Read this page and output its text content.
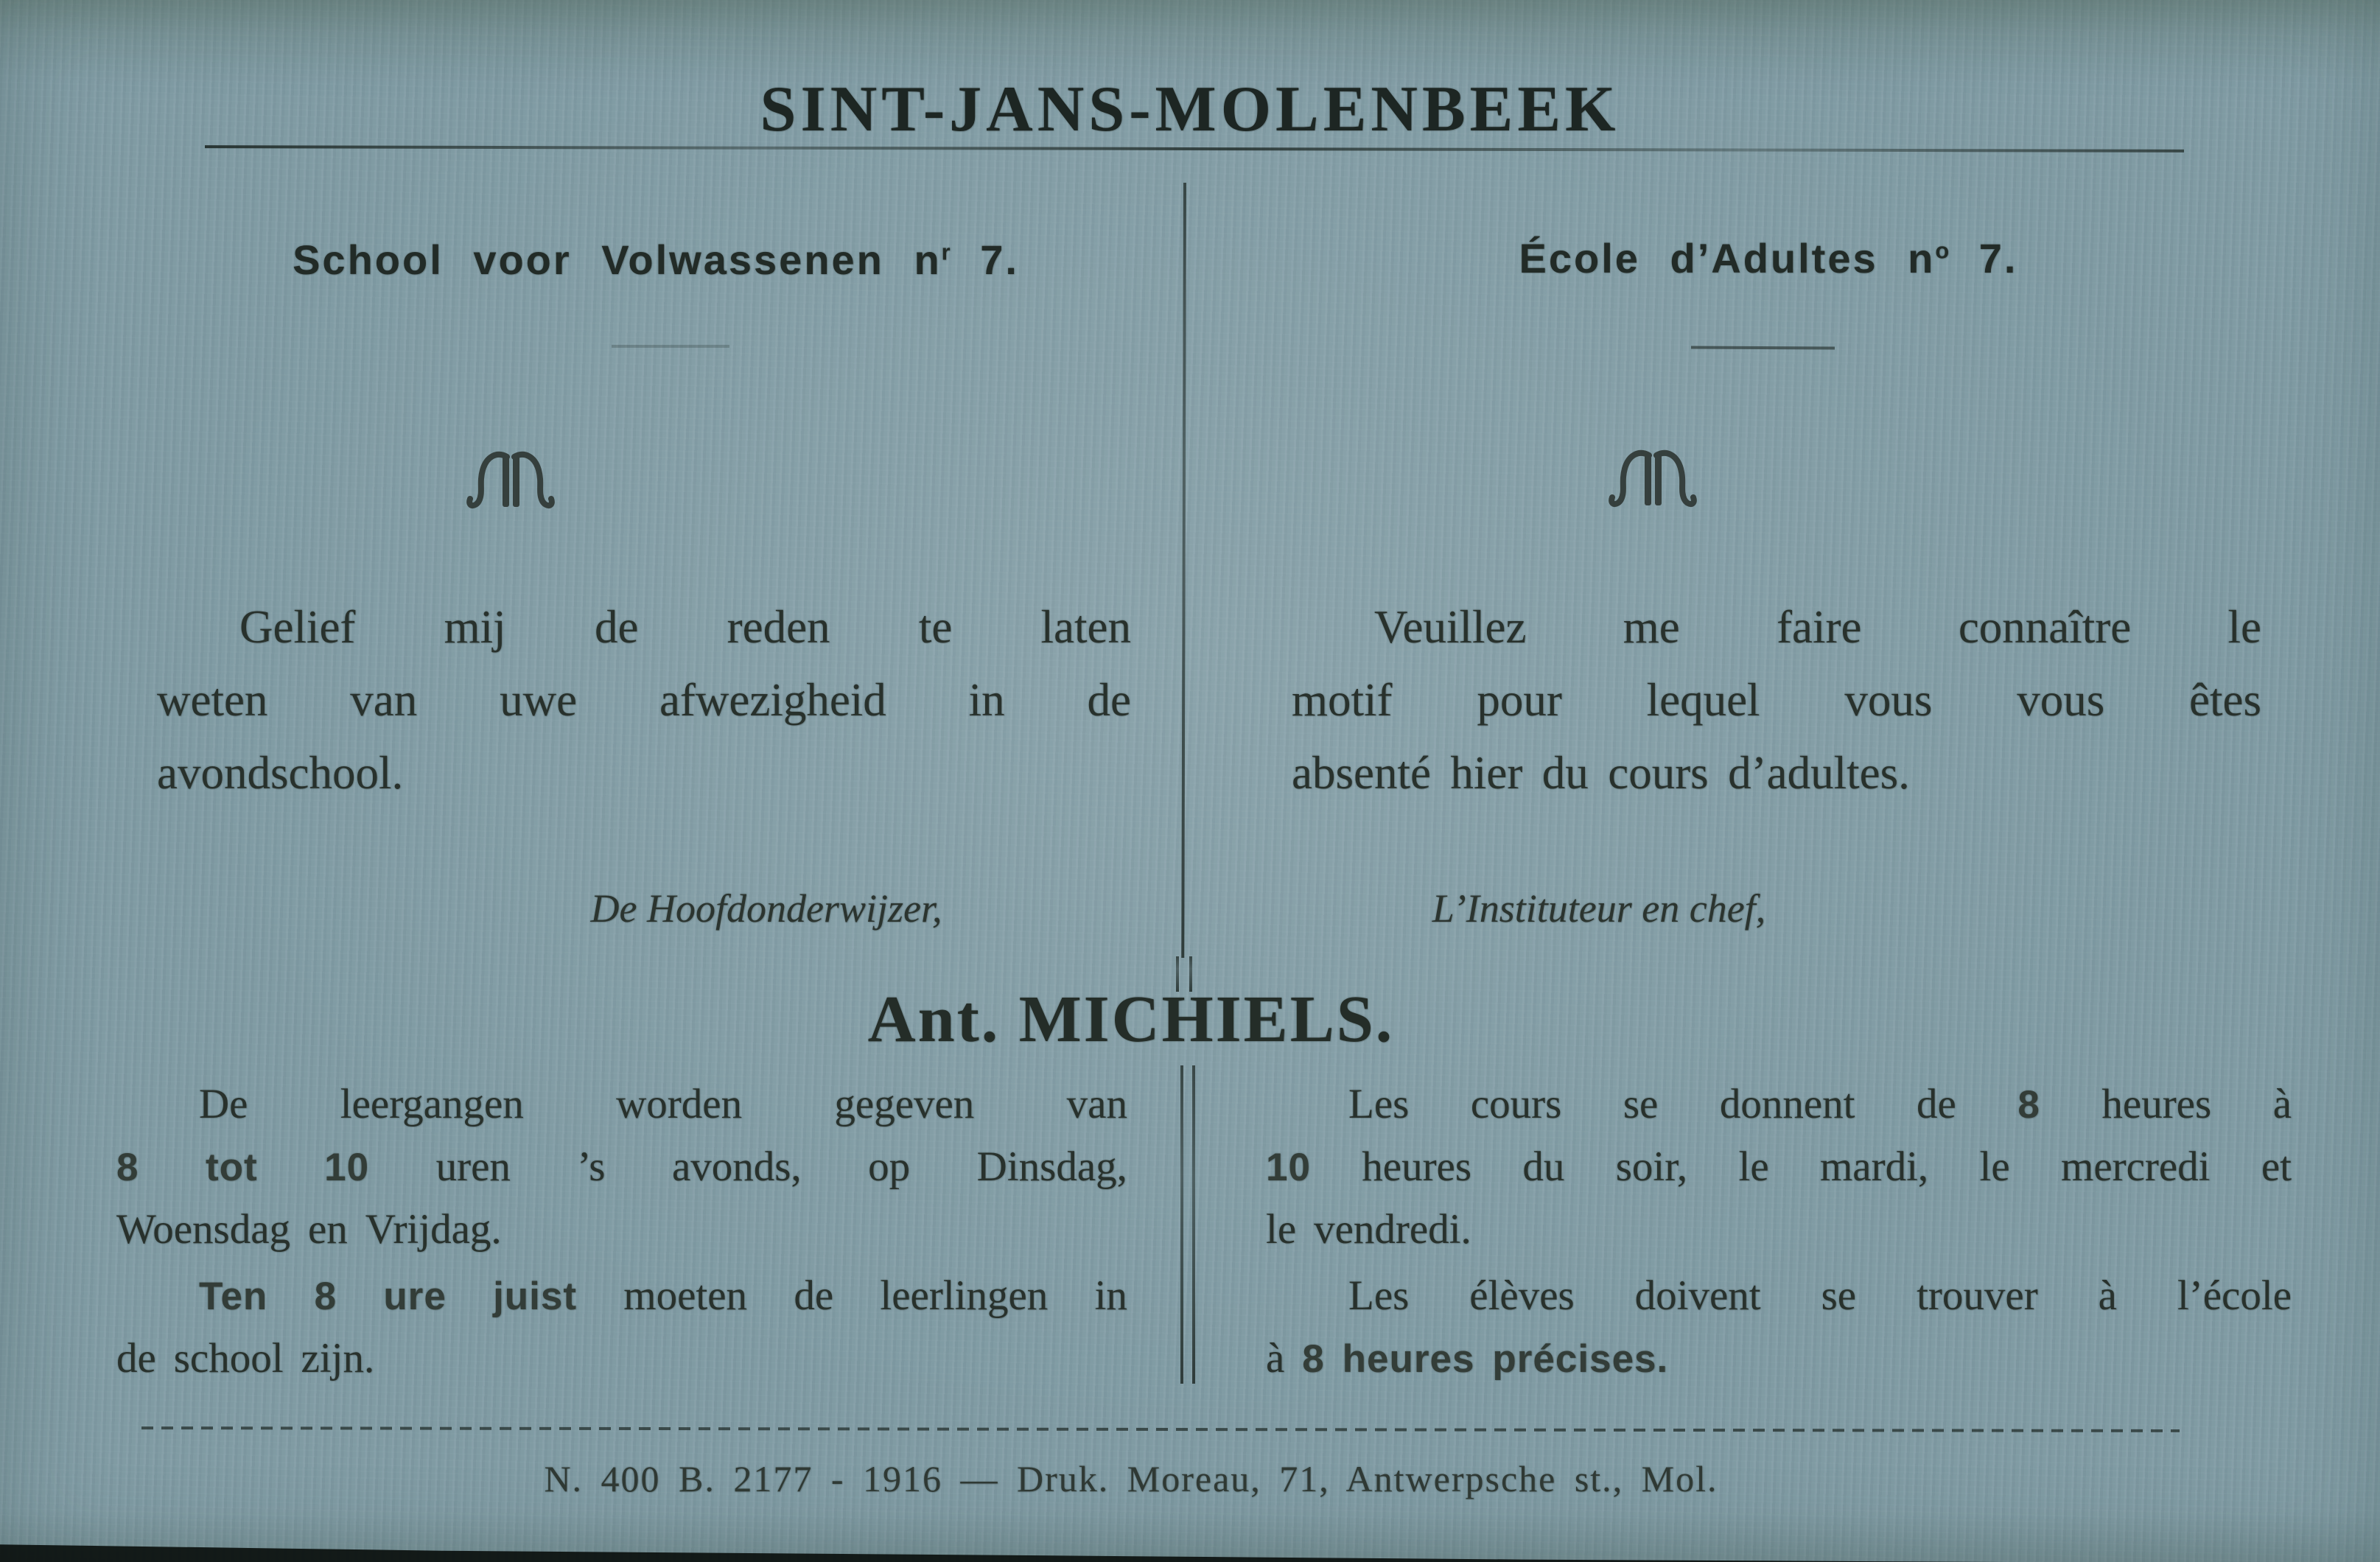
SINT-JANS-MOLENBEEK
School voor Volwassenen $n^r$ 7.	École d’Adultes $n^o$ 7.
Gelief mij de reden te laten
weten van uwe afwezigheid in de
avondschool.
Veuillez me faire connaître le
motif pour lequel vous vous êtes
absenté hier du cours d’adultes.
De Hoofdonderwijzer,	L’Instituteur en chef,
Ant. MICHIELS.
De leergangen worden gegeven van
8 tot 10 uren ’s avonds, op Dinsdag,
Woensdag en Vrijdag.
Ten 8 ure juist moeten de leerlingen in
de school zijn.
Les cours se donnent de 8 heures à
10 heures du soir, le mardi, le mercredi et
le vendredi.
Les élèves doivent se trouver à l’école
à 8 heures précises.
N. 400 B. 2177 - 1916 — Druk. Moreau, 71, Antwerpsche st., Mol.
